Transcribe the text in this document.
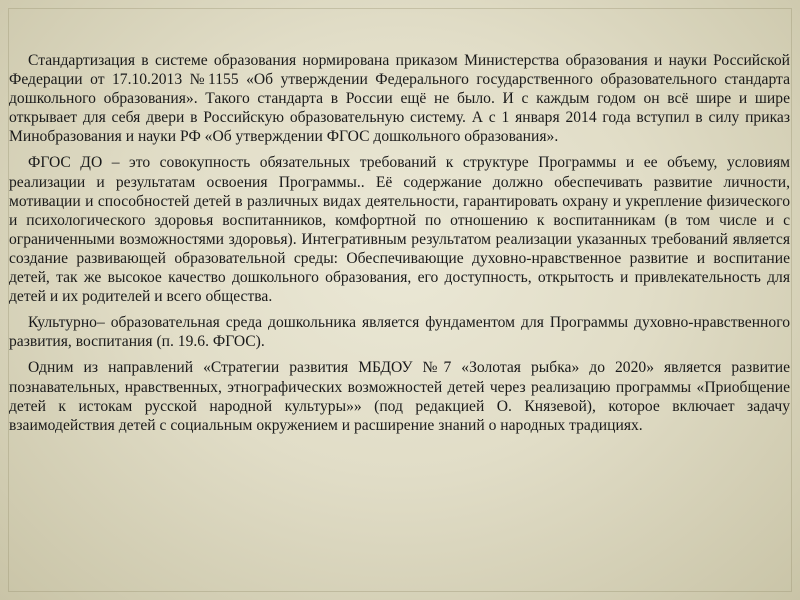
Стандартизация в системе образования нормирована приказом Министерства образования и науки Российской Федерации от 17.10.2013 №1155 «Об утверждении Федерального государственного образовательного стандарта дошкольного образования». Такого стандарта в России ещё не было. И с каждым годом он всё шире и шире открывает для себя двери в Российскую образовательную систему. А с 1 января 2014 года вступил в силу приказ Минобразования и науки РФ «Об утверждении ФГОС дошкольного образования».

ФГОС ДО – это совокупность обязательных требований к структуре Программы и ее объему, условиям реализации и результатам освоения Программы.. Её содержание должно обеспечивать развитие личности, мотивации и способностей детей в различных видах деятельности, гарантировать охрану и укрепление физического и психологического здоровья воспитанников, комфортной по отношению к воспитанникам (в том числе и с ограниченными возможностями здоровья). Интегративным результатом реализации указанных требований является создание развивающей образовательной среды: Обеспечивающие духовно-нравственное развитие и воспитание детей, так же высокое качество дошкольного образования, его доступность, открытость и привлекательность для детей и их родителей и всего общества.

Культурно– образовательная среда дошкольника является фундаментом для Программы духовно-нравственного развития, воспитания (п. 19.6. ФГОС).

Одним из направлений «Стратегии развития МБДОУ №7 «Золотая рыбка» до 2020» является развитие познавательных, нравственных, этнографических возможностей детей через реализацию программы «Приобщение детей к истокам русской народной культуры»» (под редакцией О. Князевой), которое включает задачу взаимодействия детей с социальным окружением и расширение знаний о народных традициях.
